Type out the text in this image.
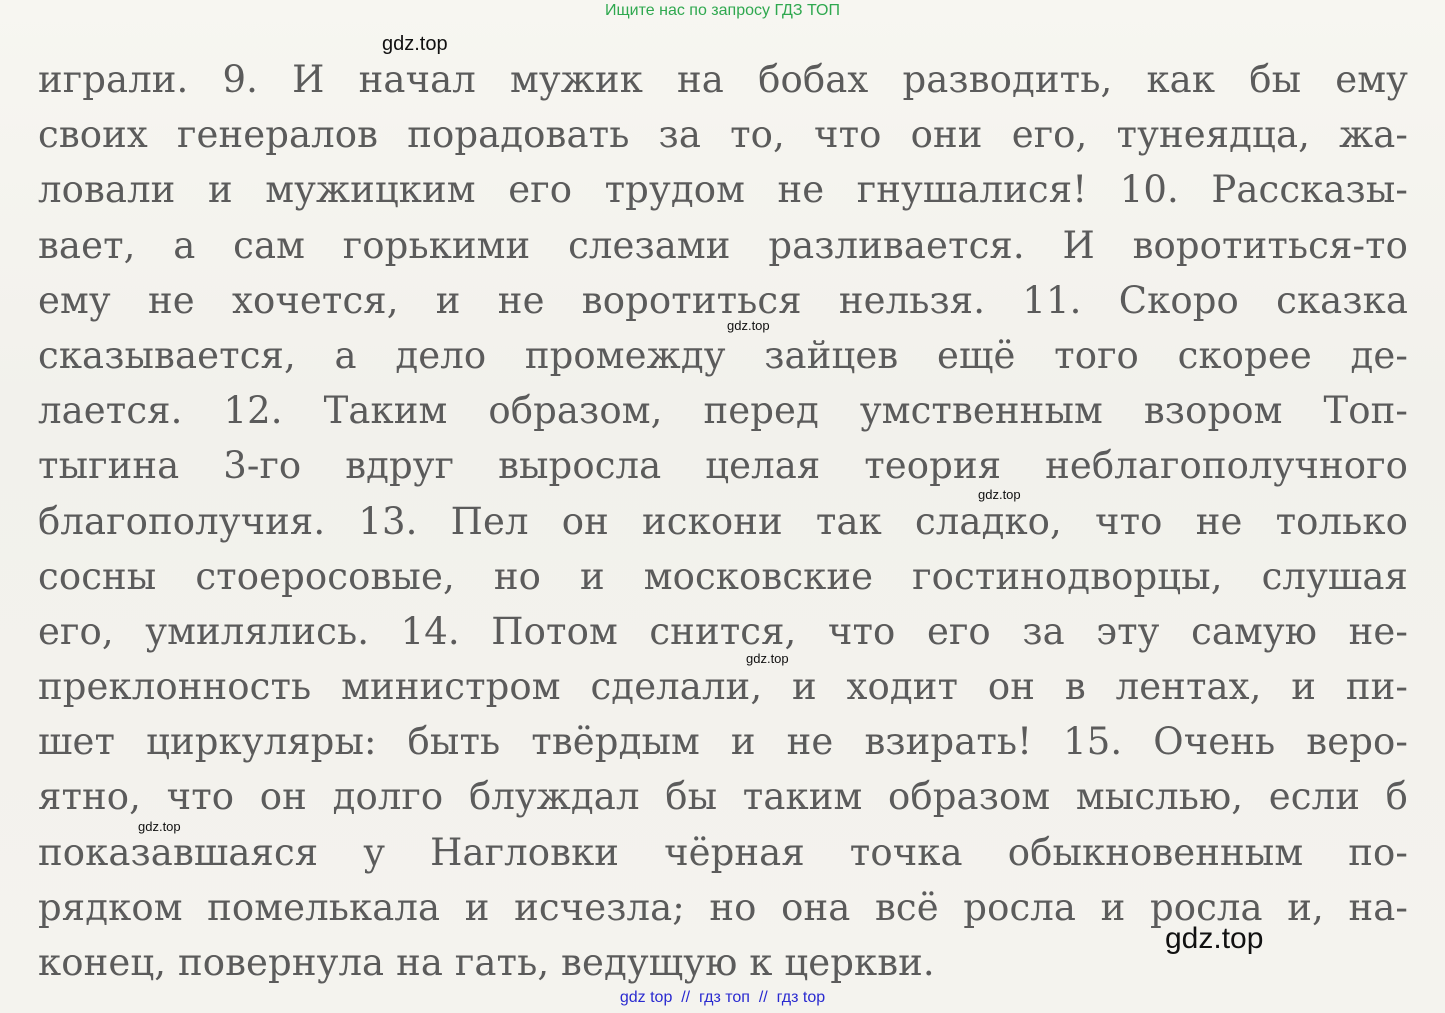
Ищите нас по запросу ГДЗ ТОП
играли. 9. И начал мужик на бобах разводить, как бы ему
своих генералов порадовать за то, что они его, тунеядца, жа-
ловали и мужицким его трудом не гнушалися! 10. Рассказы-
вает, а сам горькими слезами разливается. И воротиться-то
ему не хочется, и не воротиться нельзя. 11. Скоро сказка
сказывается, а дело промежду зайцев ещё того скорее де-
лается. 12. Таким образом, перед умственным взором Топ-
тыгина 3-го вдруг выросла целая теория неблагополучного
благополучия. 13. Пел он искони так сладко, что не только
сосны стоеросовые, но и московские гостинодворцы, слушая
его, умилялись. 14. Потом снится, что его за эту самую не-
преклонность министром сделали, и ходит он в лентах, и пи-
шет циркуляры: быть твёрдым и не взирать! 15. Очень веро-
ятно, что он долго блуждал бы таким образом мыслью, если б
показавшаяся у Нагловки чёрная точка обыкновенным по-
рядком помелькала и исчезла; но она всё росла и росла и, на-
конец, повернула на гать, ведущую к церкви.
gdz.top
gdz.top
gdz.top
gdz.top
gdz.top
gdz.top
gdz top // гдз топ // гдз top
